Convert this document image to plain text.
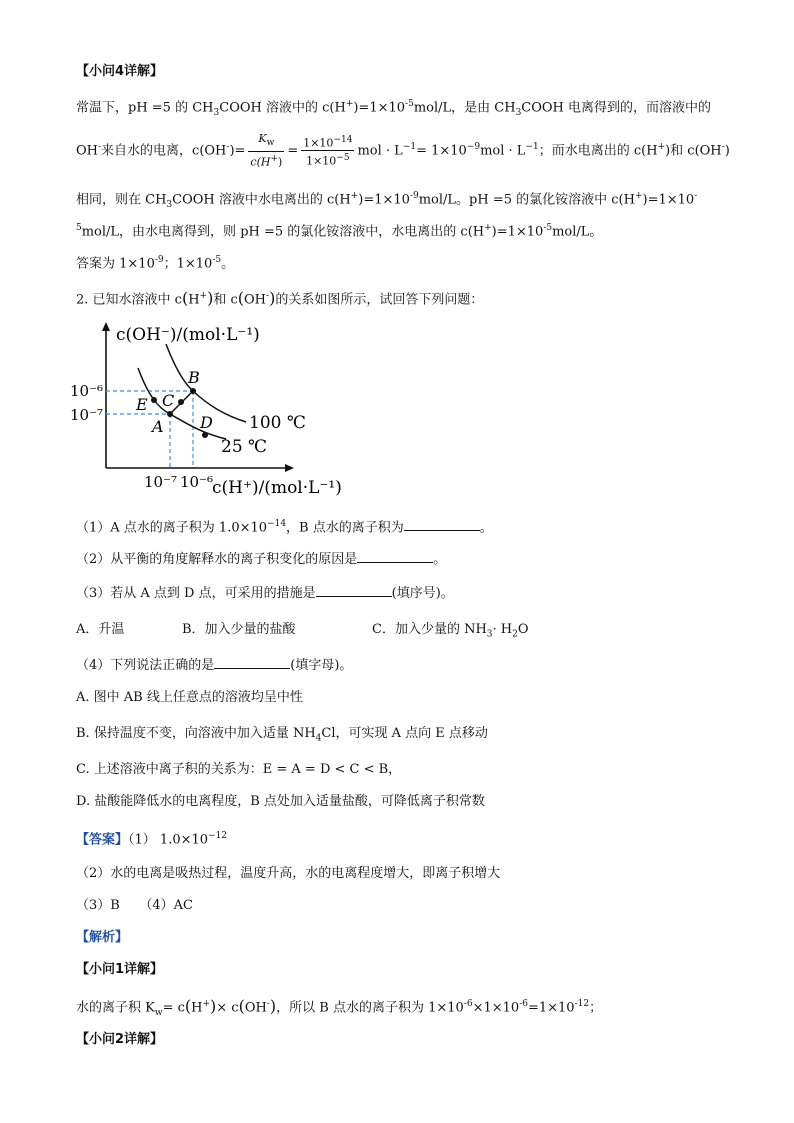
【小问4详解】
常温下，pH =5 的 $CH_3COOH$ 溶液中的 $c(H^+)=1\times 10^{-5}mol/L$，是由 $CH_3COOH$ 电离得到的，而溶液中的
OH-来自水的电离，$c(OH^-)= \frac{K_w}{c(H^+)} = \frac{1\times 10^{-14}}{1\times 10^{-5}}$ mol · $L^{-1}= 1\times 10^{-9}mol \cdot L^{-1}$；而水电离出的 c(H+)和 c(OH-)
相同，则在 $CH_3COOH$ 溶液中水电离出的 $c(H^+)=1\times 10^{-9}mol/L$。pH =5 的氯化铵溶液中 c(H+)=1×10-
$^5$mol/L，由水电离得到，则 pH =5 的氯化铵溶液中，水电离出的 $c(H^+)=1\times 10^{-5}mol/L$。
答案为 $1\times 10^{-9}$；$1\times 10^{-5}$。
2. 已知水溶液中 c(H+)和 c(OH-)的关系如图所示，试回答下列问题：
c(OH⁻)/(mol·L⁻¹)
10⁻⁶
10⁻⁷
10⁻⁷ 10⁻⁶
c(H⁺)/(mol·L⁻¹)
100 ℃
25 ℃
A
B
C
D
E
（1）A 点水的离子积为 $1.0\times 10^{-14}$，B 点水的离子积为	。
（2）从平衡的角度解释水的离子积变化的原因是	。
（3）若从 A 点到 D 点，可采用的措施是	(填序号)。
A．升温	B．加入少量的盐酸	C．加入少量的 $NH_3\cdot H_2O$
（4）下列说法正确的是	(填字母)。
A. 图中 AB 线上任意点的溶液均呈中性
B. 保持温度不变，向溶液中加入适量 $NH_4Cl$，可实现 A 点向 E 点移动
C. 上述溶液中离子积的关系为：E = A = D < C < B，
D. 盐酸能降低水的电离程度，B 点处加入适量盐酸，可降低离子积常数
【答案】（1） $1.0\times 10^{-12}$
（2）水的电离是吸热过程，温度升高，水的电离程度增大，即离子积增大
（3）B　　（4）AC
【解析】
【小问1详解】
水的离子积 $K_w= c(H^+)\times c(OH^-)$，所以 B 点水的离子积为 $1\times 10^{-6}\times 1\times 10^{-6}=1\times 10^{-12}$；
【小问2详解】
